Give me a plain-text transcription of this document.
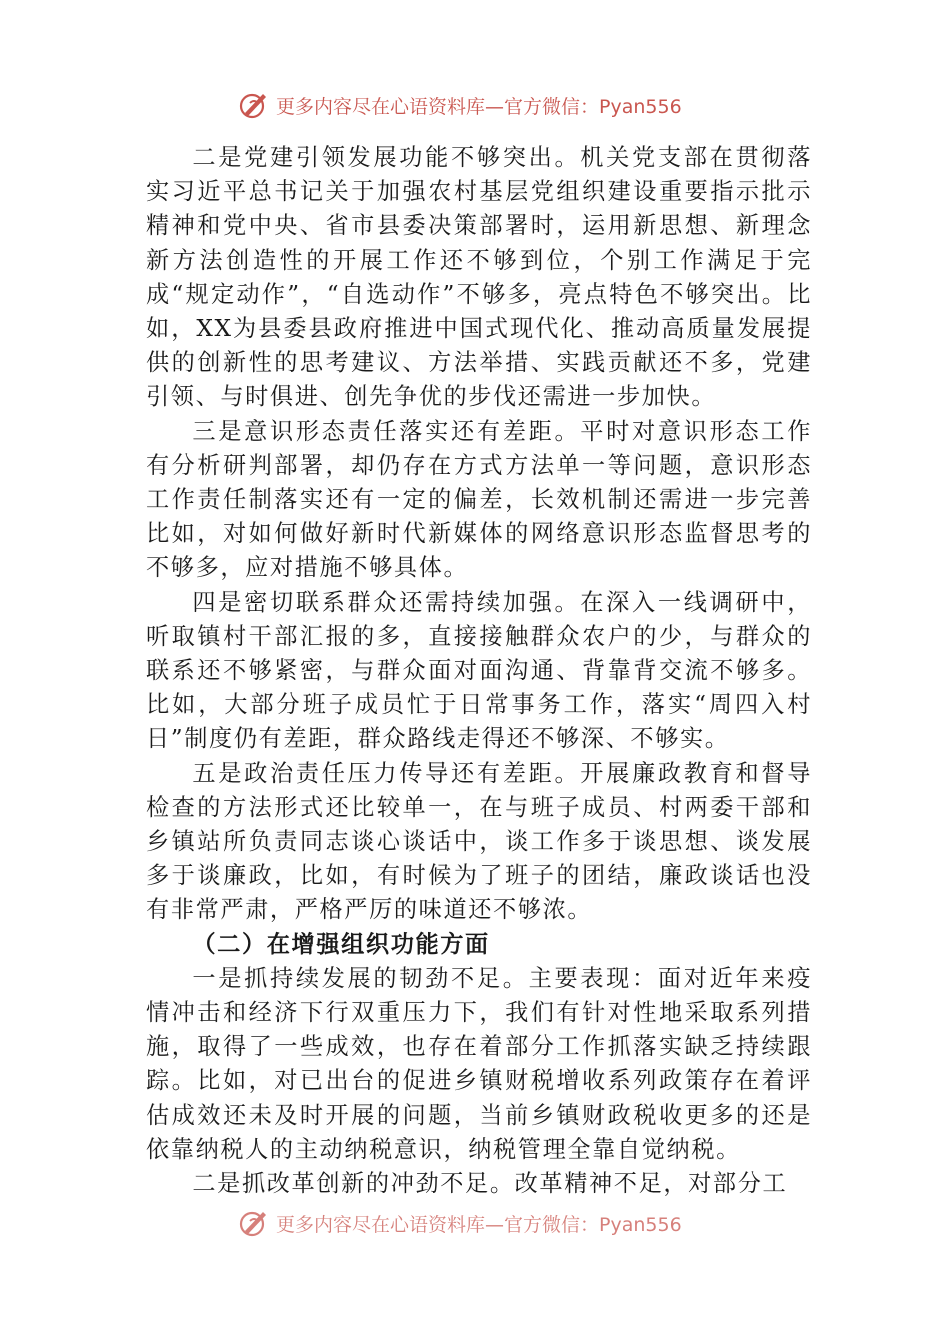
更多内容尽在心语资料库—官方微信：Pyan556

二是党建引领发展功能不够突出。机关党支部在贯彻落实习近平总书记关于加强农村基层党组织建设重要指示批示精神和党中央、省市县委决策部署时，运用新思想、新理念新方法创造性的开展工作还不够到位，个别工作满足于完成“规定动作”，“自选动作”不够多，亮点特色不够突出。比如，XX为县委县政府推进中国式现代化、推动高质量发展提供的创新性的思考建议、方法举措、实践贡献还不多，党建引领、与时俱进、创先争优的步伐还需进一步加快。

三是意识形态责任落实还有差距。平时对意识形态工作有分析研判部署，却仍存在方式方法单一等问题，意识形态工作责任制落实还有一定的偏差，长效机制还需进一步完善比如，对如何做好新时代新媒体的网络意识形态监督思考的不够多，应对措施不够具体。

四是密切联系群众还需持续加强。在深入一线调研中，听取镇村干部汇报的多，直接接触群众农户的少，与群众的联系还不够紧密，与群众面对面沟通、背靠背交流不够多。比如，大部分班子成员忙于日常事务工作，落实“周四入村日”制度仍有差距，群众路线走得还不够深、不够实。

五是政治责任压力传导还有差距。开展廉政教育和督导检查的方法形式还比较单一，在与班子成员、村两委干部和乡镇站所负责同志谈心谈话中，谈工作多于谈思想、谈发展多于谈廉政，比如，有时候为了班子的团结，廉政谈话也没有非常严肃，严格严厉的味道还不够浓。

（二）在增强组织功能方面

一是抓持续发展的韧劲不足。主要表现：面对近年来疫情冲击和经济下行双重压力下，我们有针对性地采取系列措施，取得了一些成效，也存在着部分工作抓落实缺乏持续跟踪。比如，对已出台的促进乡镇财税增收系列政策存在着评估成效还未及时开展的问题，当前乡镇财政税收更多的还是依靠纳税人的主动纳税意识，纳税管理全靠自觉纳税。

二是抓改革创新的冲劲不足。改革精神不足，对部分工

更多内容尽在心语资料库—官方微信：Pyan556
